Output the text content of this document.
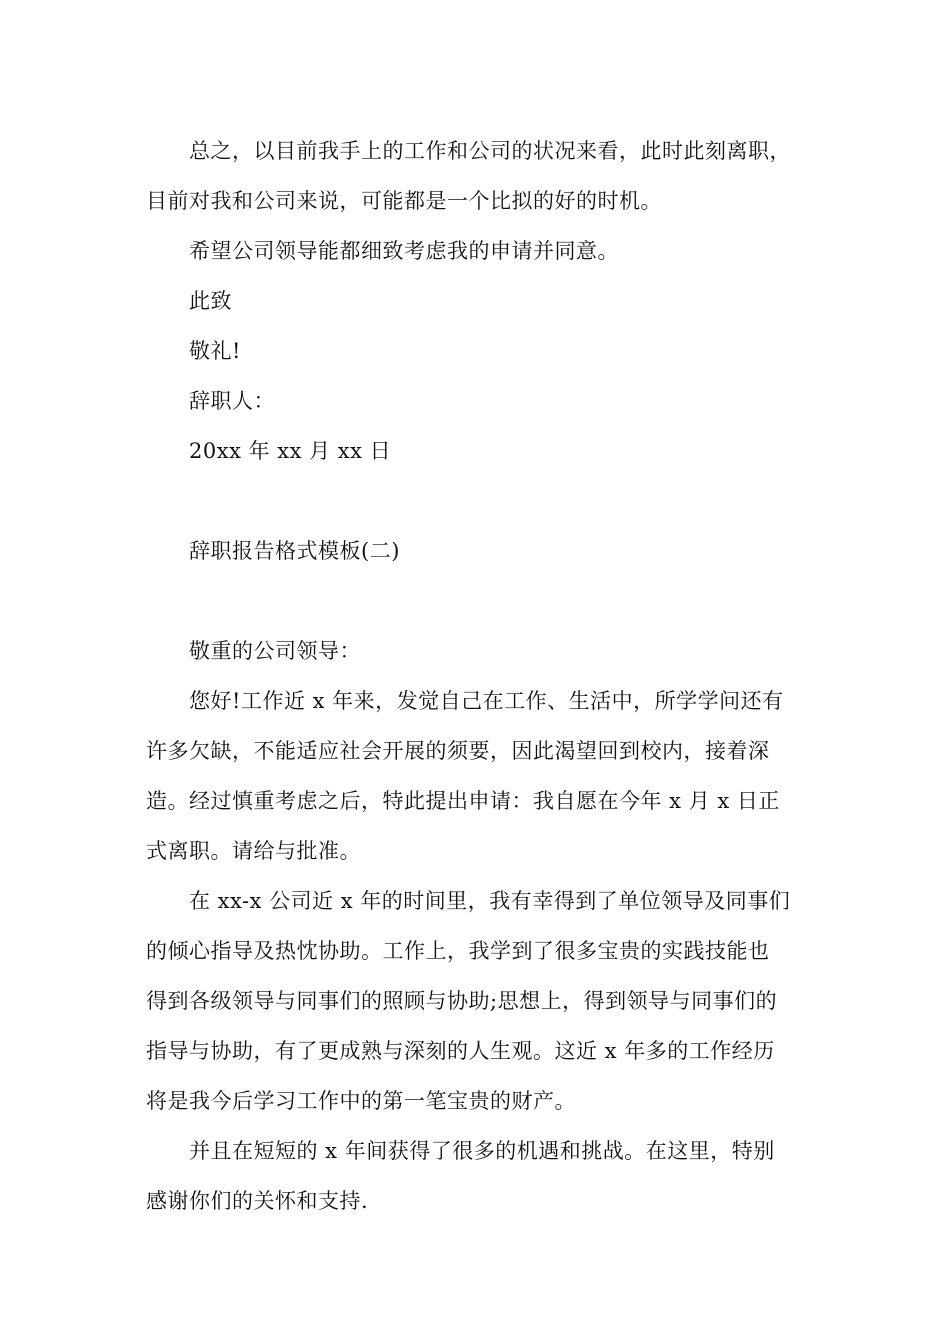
总之，以目前我手上的工作和公司的状况来看，此时此刻离职，
目前对我和公司来说，可能都是一个比拟的好的时机。
希望公司领导能都细致考虑我的申请并同意。
此致
敬礼!
辞职人：
20xx 年 xx 月 xx 日
辞职报告格式模板(二)
敬重的公司领导：
您好!工作近 x 年来，发觉自己在工作、生活中，所学学问还有
许多欠缺，不能适应社会开展的须要，因此渴望回到校内，接着深
造。经过慎重考虑之后，特此提出申请：我自愿在今年 x 月 x 日正
式离职。请给与批准。
在 xx-x 公司近 x 年的时间里，我有幸得到了单位领导及同事们
的倾心指导及热忱协助。工作上，我学到了很多宝贵的实践技能也
得到各级领导与同事们的照顾与协助;思想上，得到领导与同事们的
指导与协助，有了更成熟与深刻的人生观。这近 x 年多的工作经历
将是我今后学习工作中的第一笔宝贵的财产。
并且在短短的 x 年间获得了很多的机遇和挑战。在这里，特别
感谢你们的关怀和支持.
